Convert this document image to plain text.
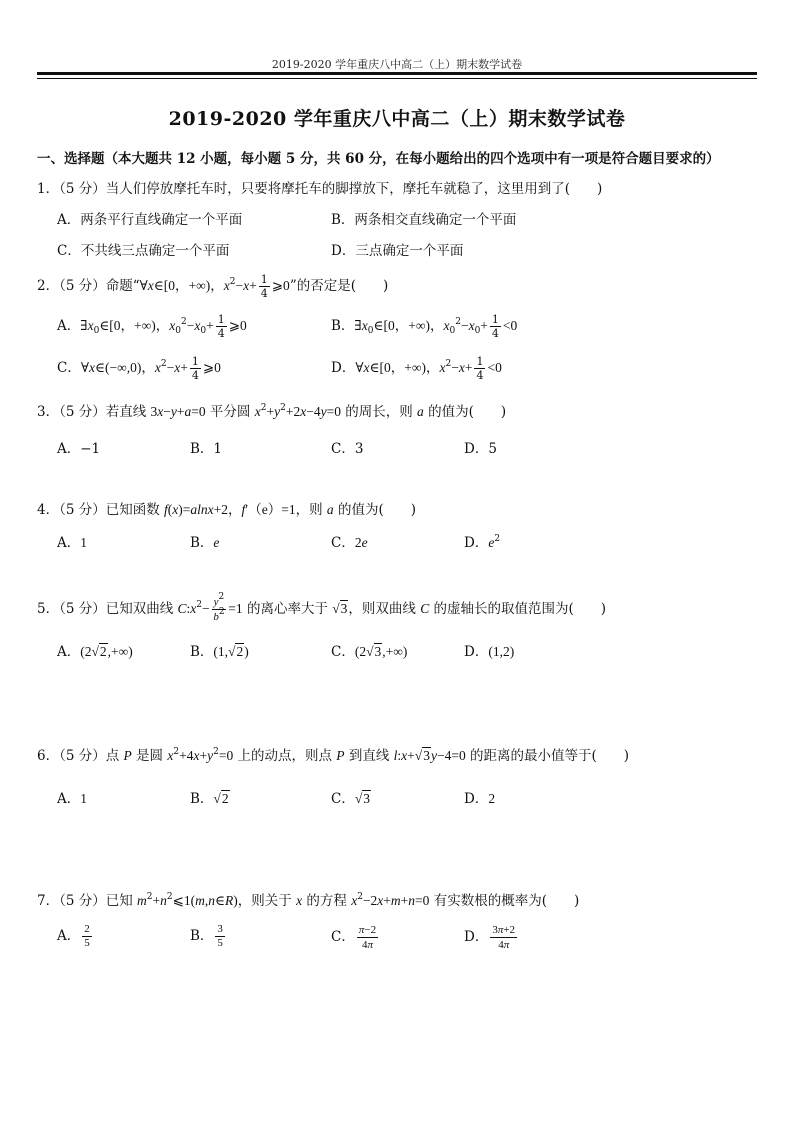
2019-2020 学年重庆八中高二（上）期末数学试卷
2019-2020 学年重庆八中高二（上）期末数学试卷
一、选择题（本大题共 12 小题，每小题 5 分，共 60 分，在每小题给出的四个选项中有一项是符合题目要求的）
1．（5 分）当人们停放摩托车时，只要将摩托车的脚撑放下，摩托车就稳了，这里用到了(　　)
A．两条平行直线确定一个平面	B．两条相交直线确定一个平面
C．不共线三点确定一个平面	D．三点确定一个平面
2．（5 分）命题“∀x∈[0，+∞)，$x^2-x+ \frac{1}{4}$ ⩾0”的否定是(　　)
A．$\exists x_0\in[0$，+∞)，$x_0^2-x_0+ \frac{1}{4}$ ⩾0	B．$\exists x_0\in[0$，+∞)，$x_0^2-x_0+ \frac{1}{4} <0$
C．∀x∈(−∞,0)，$x^2-x+ \frac{1}{4}$ ⩾0	D．∀x∈[0，+∞)，$x^2-x+ \frac{1}{4} <0$
3．（5 分）若直线 3x−y+a=0 平分圆 $x^2+y^2+2x-4y=0$ 的周长，则 a 的值为(　　)
A．−1	B．1	C．3	D．5
4．（5 分）已知函数 f(x)=alnx+2，f′（e）=1，则 a 的值为(　　)
A．1	B．e	C．2e	D．$e^2$
5．（5 分）已知双曲线 $C:x^2- \frac{y^2}{b^2} =1$ 的离心率大于 √3，则双曲线 C 的虚轴长的取值范围为(　　)
A．(2√2,+∞)	B．(1,√2)	C．(2√3,+∞)	D．(1,2)
6．（5 分）点 P 是圆 $x^2+4x+y^2=0$ 上的动点，则点 P 到直线 l:x+√3y−4=0 的距离的最小值等于(　　)
A．1	B．√2	C．√3	D．2
7．（5 分）已知 $m^2+n^2⩽1(m,n\in R)$，则关于 x 的方程 $x^2-2x+m+n=0$ 有实数根的概率为(　　)
A． $\frac{2}{5}$	B． $\frac{3}{5}$	C． $\frac{\pi-2}{4\pi}$	D． $\frac{3\pi+2}{4\pi}$
